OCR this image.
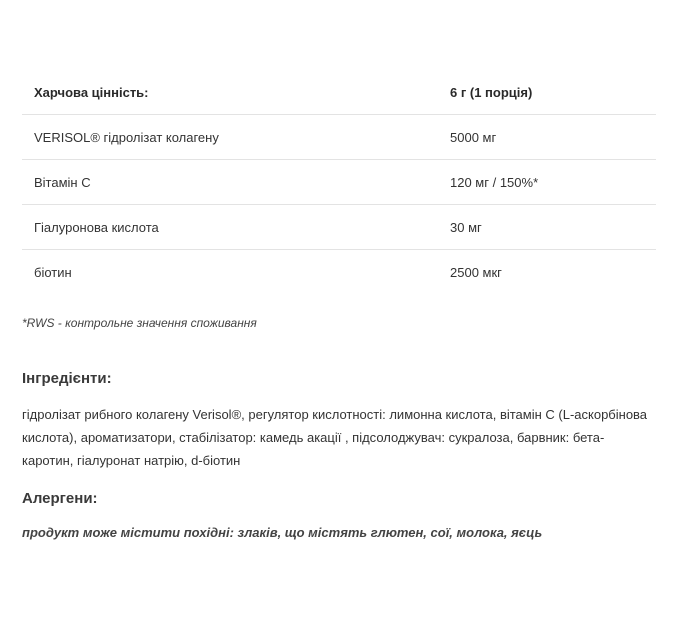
Харчова цінність:	6 г (1 порція)
VERISOL® гідролізат колагену	5000 мг
Вітамін С	120 мг / 150%*
Гіалуронова кислота	30 мг
біотин	2500 мкг

*RWS - контрольне значення споживання

Інгредієнти:

гідролізат рибного колагену Verisol®, регулятор кислотності: лимонна кислота, вітамін С (L-аскорбінова кислота), ароматизатори, стабілізатор: камедь акації , підсолоджувач: сукралоза, барвник: бета-каротин, гіалуронат натрію, d-біотин

Алергени:

продукт може містити похідні: злаків, що містять глютен, сої, молока, яєць
